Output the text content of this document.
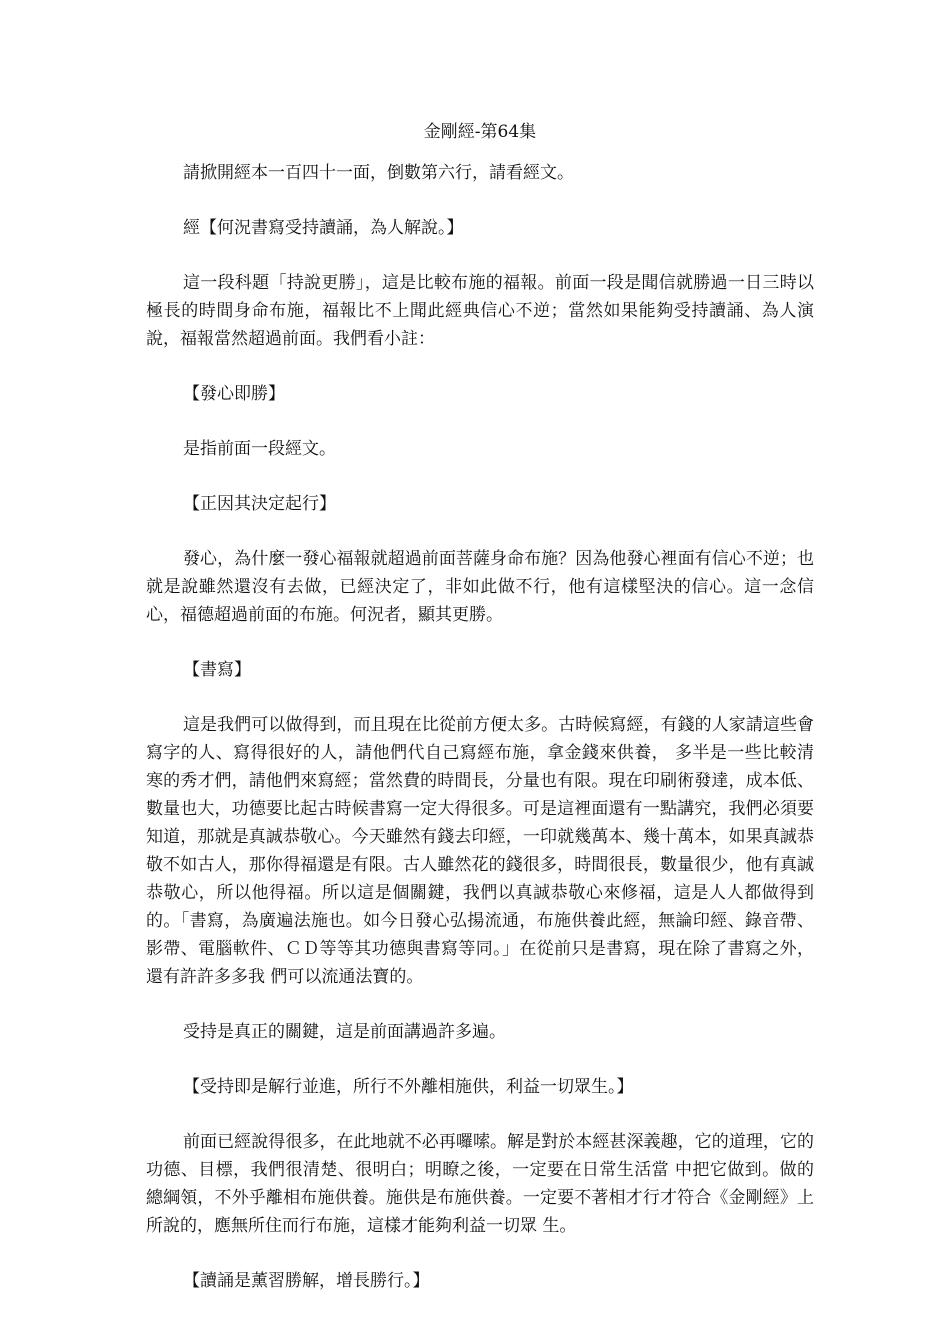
金剛經-第64集

請掀開經本一百四十一面，倒數第六行，請看經文。

經【何況書寫受持讀誦，為人解說。】

這一段科題「持說更勝」，這是比較布施的福報。前面一段是聞信就勝過一日三時以極長的時間身命布施，福報比不上聞此經典信心不逆；當然如果能夠受持讀誦、為人演說，福報當然超過前面。我們看小註：

【發心即勝】

是指前面一段經文。

【正因其決定起行】

發心，為什麼一發心福報就超過前面菩薩身命布施？因為他發心裡面有信心不逆；也就是說雖然還沒有去做，已經決定了，非如此做不行，他有這樣堅決的信心。這一念信心，福德超過前面的布施。何況者，顯其更勝。

【書寫】

這是我們可以做得到，而且現在比從前方便太多。古時候寫經，有錢的人家請這些會寫字的人、寫得很好的人，請他們代自己寫經布施，拿金錢來供養， 多半是一些比較清寒的秀才們，請他們來寫經；當然費的時間長，分量也有限。現在印刷術發達，成本低、數量也大，功德要比起古時候書寫一定大得很多。可是這裡面還有一點講究，我們必須要知道，那就是真誠恭敬心。今天雖然有錢去印經，一印就幾萬本、幾十萬本，如果真誠恭敬不如古人，那你得福還是有限。古人雖然花的錢很多，時間很長，數量很少，他有真誠恭敬心，所以他得福。所以這是個關鍵，我們以真誠恭敬心來修福，這是人人都做得到的。「書寫，為廣遍法施也。如今日發心弘揚流通，布施供養此經，無論印經、錄音帶、影帶、電腦軟件、ＣＤ等等其功德與書寫等同。」在從前只是書寫，現在除了書寫之外，還有許許多多我 們可以流通法寶的。

受持是真正的關鍵，這是前面講過許多遍。

【受持即是解行並進，所行不外離相施供，利益一切眾生。】

前面已經說得很多，在此地就不必再囉嗦。解是對於本經甚深義趣，它的道理，它的功德、目標，我們很清楚、很明白；明瞭之後，一定要在日常生活當 中把它做到。做的總綱領，不外乎離相布施供養。施供是布施供養。一定要不著相才行才符合《金剛經》上所說的，應無所住而行布施，這樣才能夠利益一切眾 生。

【讀誦是薰習勝解，增長勝行。】
